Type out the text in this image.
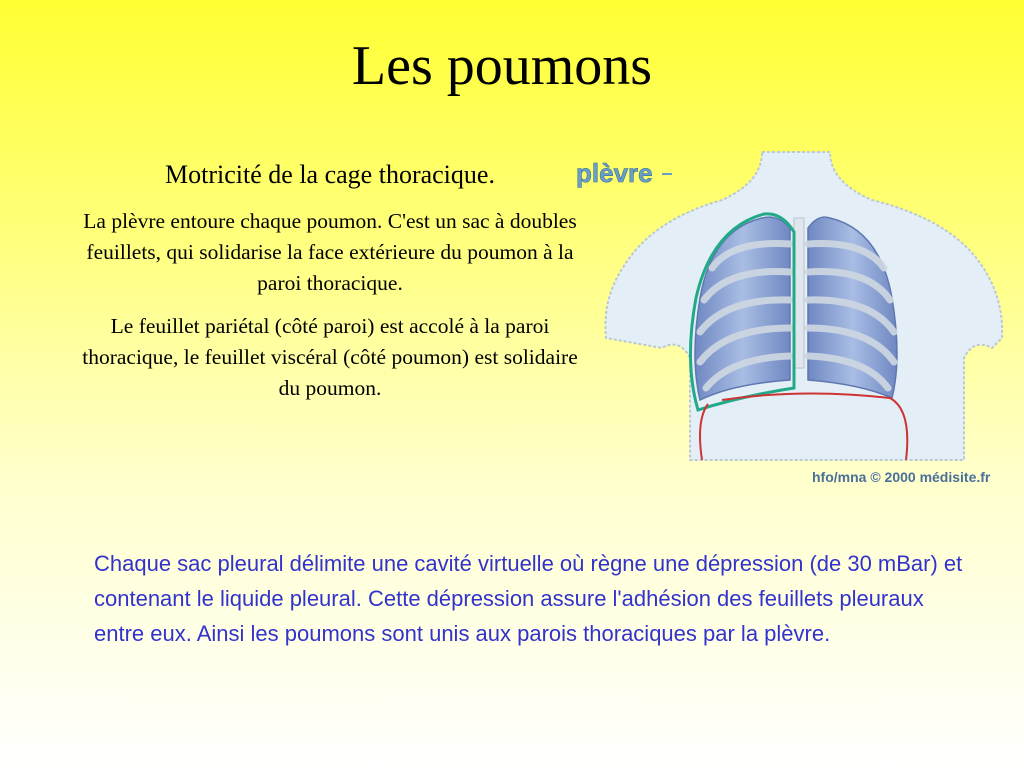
Les poumons
Motricité de la cage thoracique.

La plèvre entoure chaque poumon. C'est un sac à doubles feuillets, qui solidarise la face extérieure du poumon à la paroi thoracique.

Le feuillet pariétal (côté paroi) est accolé à la paroi thoracique, le feuillet viscéral (côté poumon) est solidaire du poumon.

plèvre
hfo/mna © 2000 médisite.fr
Chaque sac pleural délimite une cavité virtuelle où règne une dépression (de 30 mBar) et contenant le liquide pleural. Cette dépression assure l'adhésion des feuillets pleuraux entre eux. Ainsi les poumons sont unis aux parois thoraciques par la plèvre.
